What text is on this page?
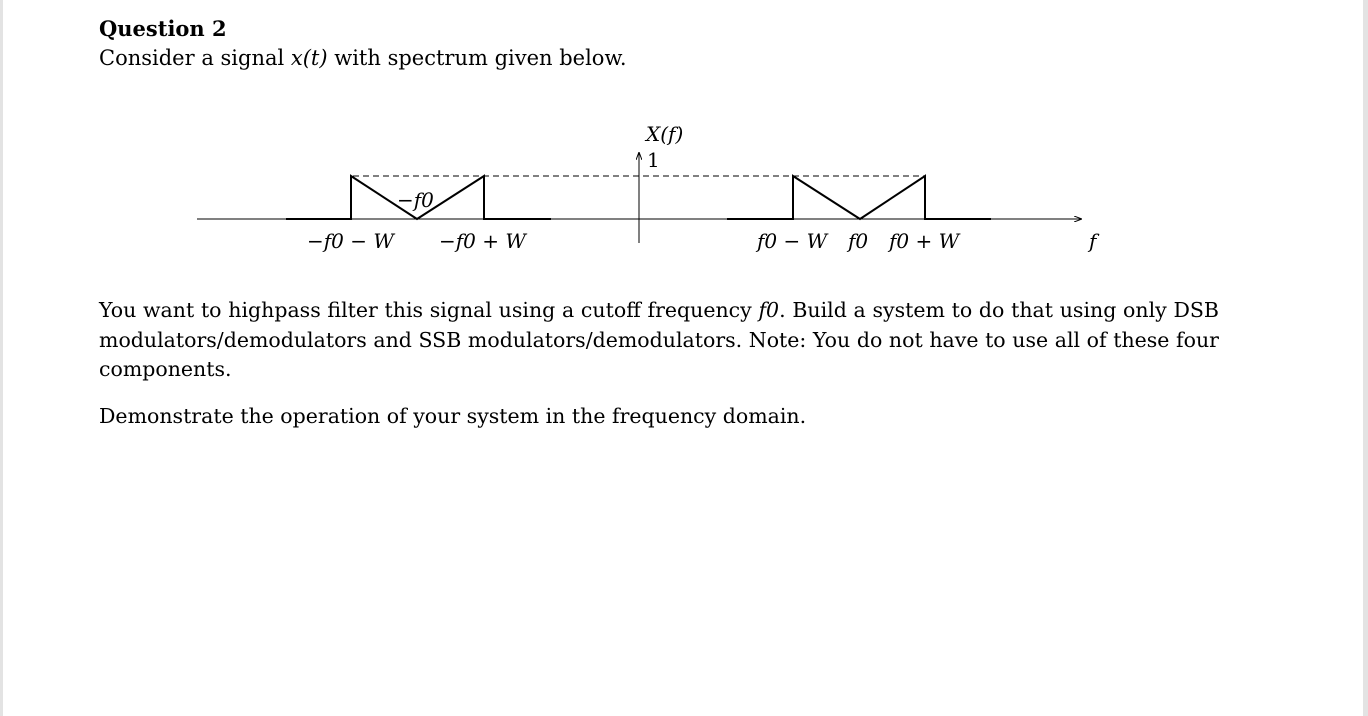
Question 2

Consider a signal x(t) with spectrum given below.

X(f)
1
−f0
−f0 − W −f0 + W	f0 − W f0 f0 + W	f

You want to highpass filter this signal using a cutoff frequency f0. Build a system to do that using only DSB modulators/demodulators and SSB modulators/demodulators. Note: You do not have to use all of these four components.

Demonstrate the operation of your system in the frequency domain.
